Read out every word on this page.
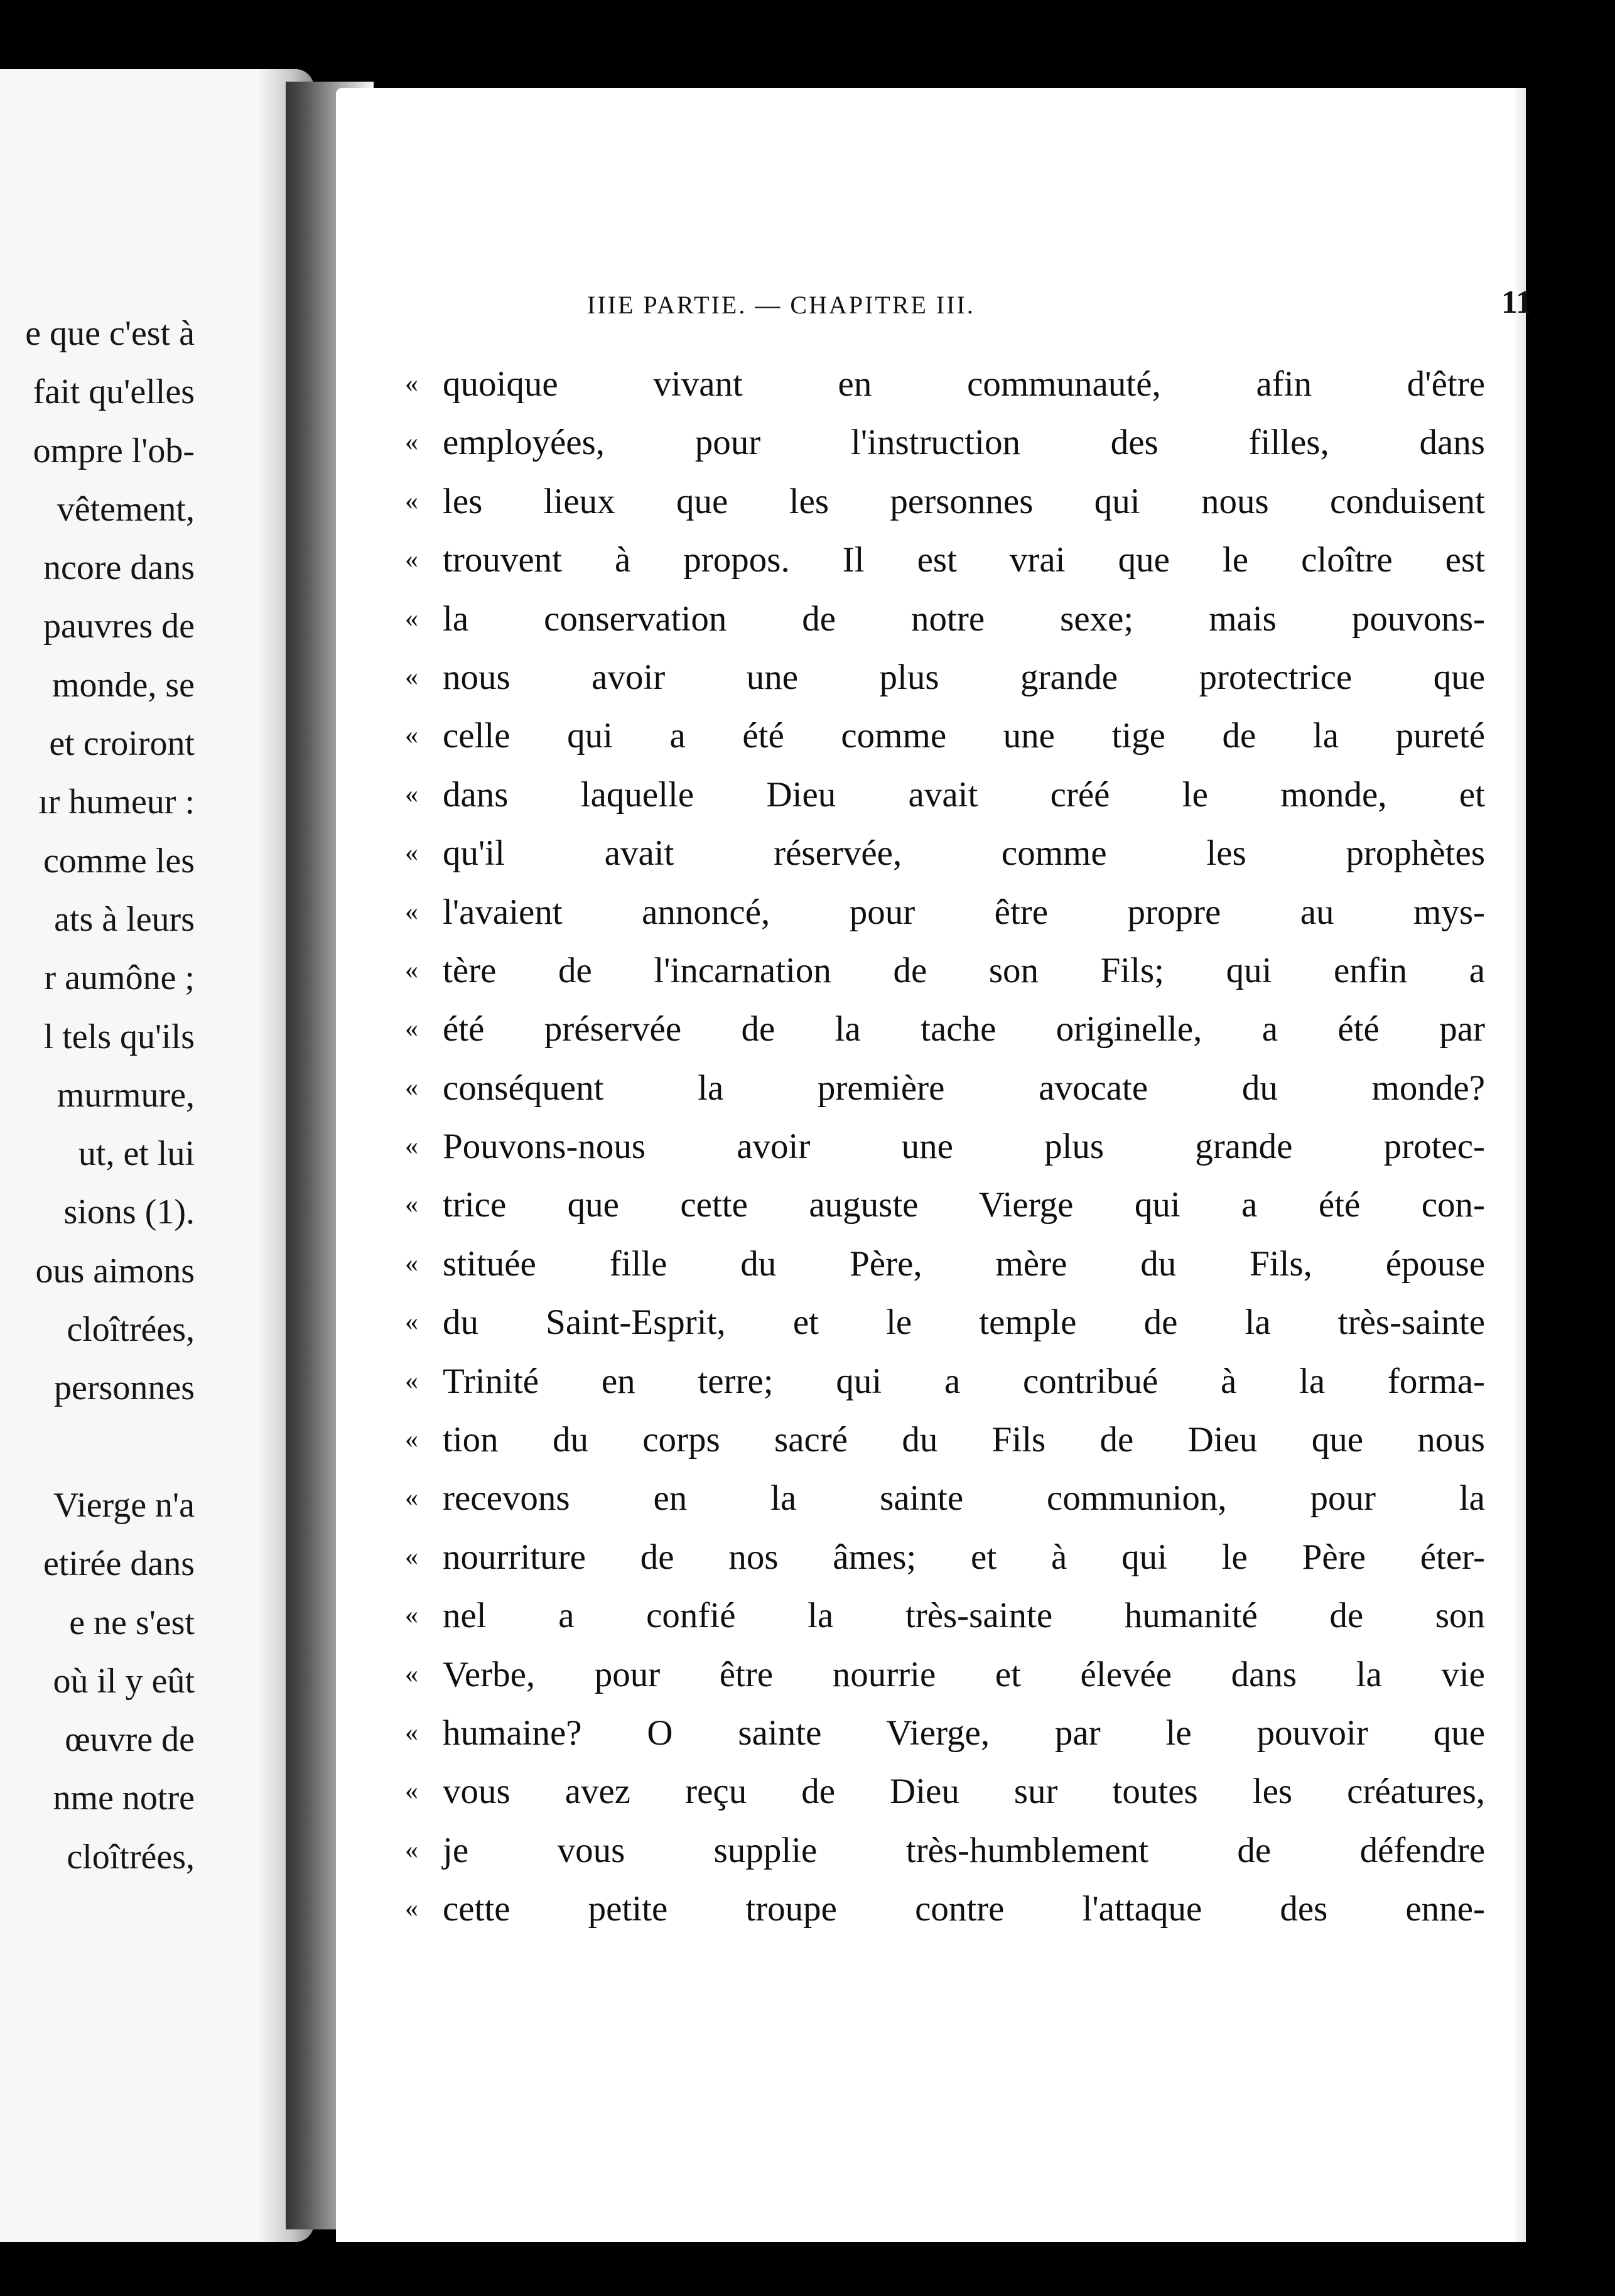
e que c'est à
fait qu'elles
ompre l'ob-
vêtement,
ncore dans
pauvres de
monde, se
et croiront
ır humeur :
comme les
ats à leurs
r aumône ;
l tels qu'ils
murmure,
ut, et lui
sions (1).
ous aimons
cloîtrées,
personnes
Vierge n'a
etirée dans
e ne s'est
où il y eût
œuvre de
nme notre
cloîtrées,
IIIE PARTIE. — CHAPITRE III.	11
« quoique vivant en communauté, afin d'être
« employées, pour l'instruction des filles, dans
« les lieux que les personnes qui nous conduisent
« trouvent à propos. Il est vrai que le cloître est
« la conservation de notre sexe; mais pouvons-
« nous avoir une plus grande protectrice que
« celle qui a été comme une tige de la pureté
« dans laquelle Dieu avait créé le monde, et
« qu'il avait réservée, comme les prophètes
« l'avaient annoncé, pour être propre au mys-
« tère de l'incarnation de son Fils; qui enfin a
« été préservée de la tache originelle, a été par
« conséquent la première avocate du monde?
« Pouvons-nous avoir une plus grande protec-
« trice que cette auguste Vierge qui a été con-
« stituée fille du Père, mère du Fils, épouse
« du Saint-Esprit, et le temple de la très-sainte
« Trinité en terre; qui a contribué à la forma-
« tion du corps sacré du Fils de Dieu que nous
« recevons en la sainte communion, pour la
« nourriture de nos âmes; et à qui le Père éter-
« nel a confié la très-sainte humanité de son
« Verbe, pour être nourrie et élevée dans la vie
« humaine? O sainte Vierge, par le pouvoir que
« vous avez reçu de Dieu sur toutes les créatures,
« je vous supplie très-humblement de défendre
« cette petite troupe contre l'attaque des enne-
